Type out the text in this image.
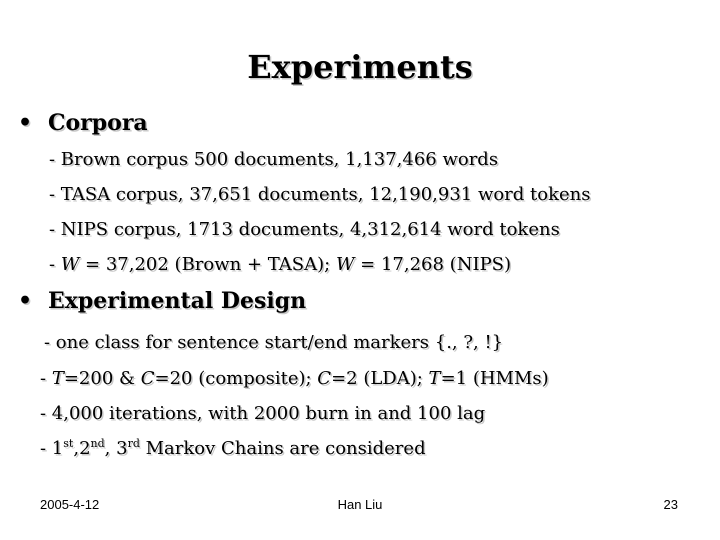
Experiments
• Corpora
- Brown corpus 500 documents, 1,137,466 words
- TASA corpus, 37,651 documents, 12,190,931 word tokens
- NIPS corpus, 1713 documents, 4,312,614 word tokens
- W = 37,202 (Brown + TASA); W = 17,268 (NIPS)
• Experimental Design
- one class for sentence start/end markers {., ?, !}
- T=200 & C=20 (composite); C=2 (LDA); T=1 (HMMs)
- 4,000 iterations, with 2000 burn in and 100 lag
- 1st,2nd, 3rd Markov Chains are considered
2005-4-12	Han Liu	23
